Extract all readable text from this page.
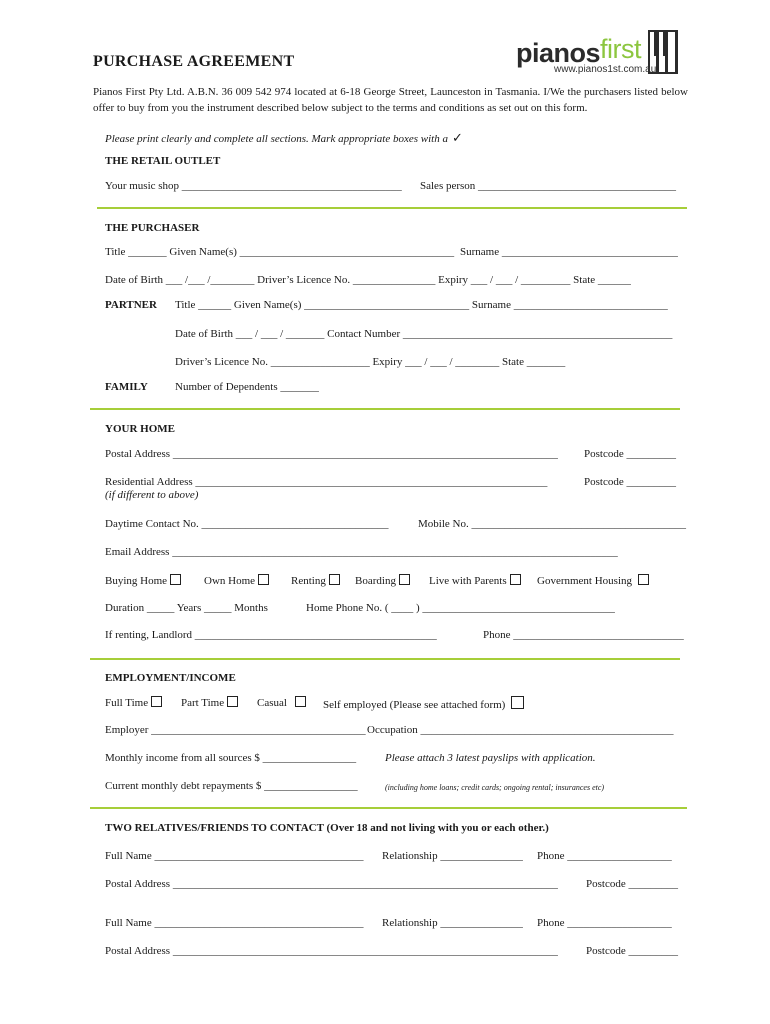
PURCHASE AGREEMENT	pianos first
www.pianos1st.com.au
Pianos First Pty Ltd. A.B.N. 36 009 542 974 located at 6-18 George Street, Launceston in Tasmania. I/We the purchasers listed below offer to buy from you the instrument described below subject to the terms and conditions as set out on this form.
Please print clearly and complete all sections. Mark appropriate boxes with a ✓
THE RETAIL OUTLET
Your music shop ________________________________________ Sales person ____________________________________
THE PURCHASER
Title _______ Given Name(s) _______________________________________ Surname ________________________________
Date of Birth ___ /___ /________ Driver’s Licence No. _______________ Expiry ___ / ___ / _________ State ______
PARTNER Title ______ Given Name(s) ______________________________ Surname ____________________________
Date of Birth ___ / ___ / _______ Contact Number _________________________________________________
Driver’s Licence No. __________________ Expiry ___ / ___ / ________ State _______
FAMILY Number of Dependents _______
YOUR HOME
Postal Address ______________________________________________________________________ Postcode _________
Residential Address ________________________________________________________________	Postcode _________
(if different to above)
Daytime Contact No. __________________________________	Mobile No. _______________________________________
Email Address _________________________________________________________________________________
Buying Home	Own Home	Renting	Boarding	Live with Parents	Government Housing
Duration _____ Years _____ Months	Home Phone No. ( ____ ) ___________________________________
If renting, Landlord ____________________________________________	Phone _______________________________
EMPLOYMENT/INCOME
Full Time	Part Time	Casual	Self employed (Please see attached form)
Employer _______________________________________ Occupation ______________________________________________
Monthly income from all sources $ _________________	Please attach 3 latest payslips with application.
Current monthly debt repayments $ _________________	(including home loans; credit cards; ongoing rental; insurances etc)
TWO RELATIVES/FRIENDS TO CONTACT (Over 18 and not living with you or each other.)
Full Name ______________________________________ Relationship _______________ Phone ___________________
Postal Address ______________________________________________________________________	Postcode _________
Full Name ______________________________________ Relationship _______________ Phone ___________________
Postal Address ______________________________________________________________________	Postcode _________
